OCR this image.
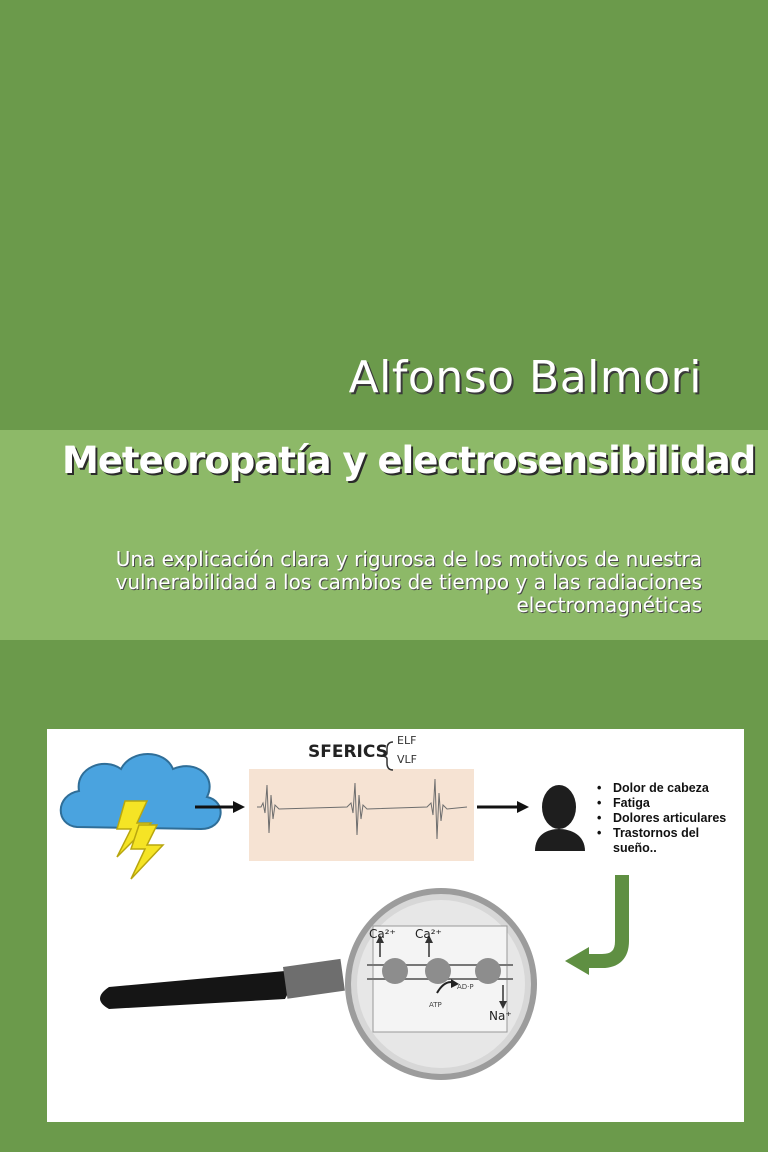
Alfonso Balmori
Meteoropatía y electrosensibilidad
Una explicación clara y rigurosa de los motivos de nuestra vulnerabilidad a los cambios de tiempo y a las radiaciones electromagnéticas
Ca²⁺ Ca²⁺
Na⁺
ATP
AD·P
SFERICS
ELF
VLF
• Dolor de cabeza
• Fatiga
• Dolores articulares
• Trastornos del sueño..
